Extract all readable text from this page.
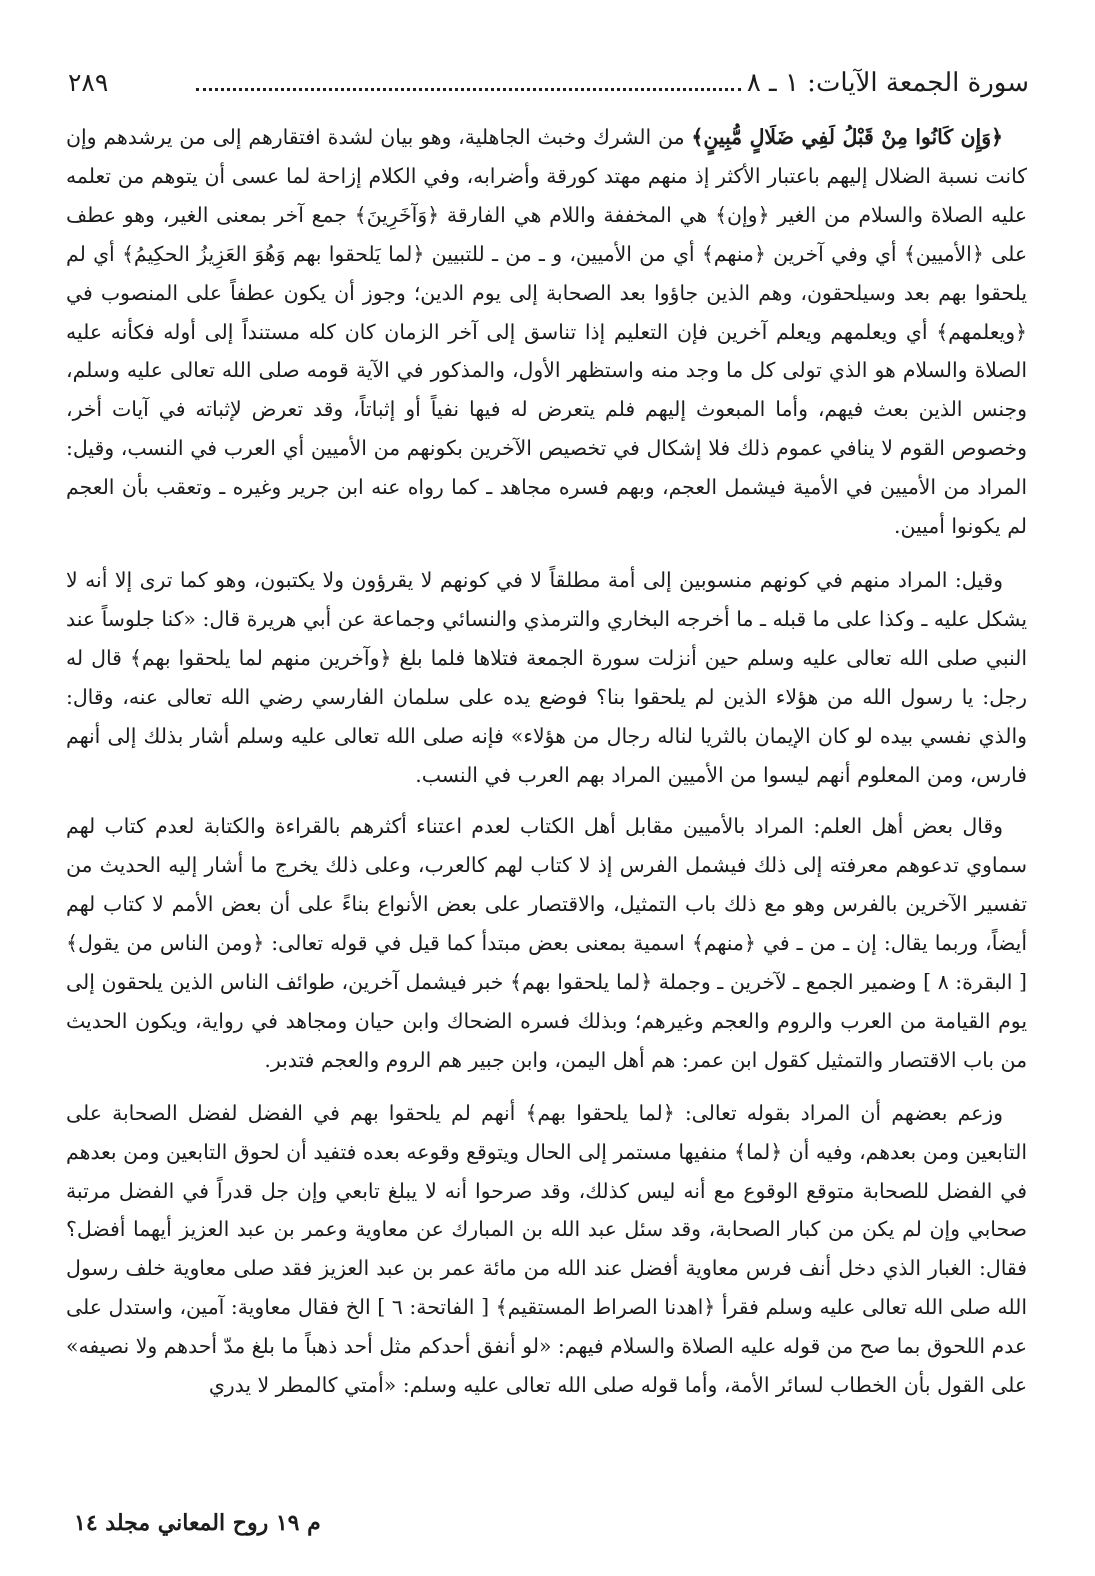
سورة الجمعة الآيات: ١ ـ ٨
٢٨٩

﴿وَإِن كَانُوا مِنْ قَبْلُ لَفِي ضَلَالٍ مُّبِينٍ﴾ من الشرك وخبث الجاهلية، وهو بيان لشدة افتقارهم إلى من يرشدهم وإن كانت نسبة الضلال إليهم باعتبار الأكثر إذ منهم مهتد كورقة وأضرابه، وفي الكلام إزاحة لما عسى أن يتوهم من تعلمه عليه الصلاة والسلام من الغير ﴿وإن﴾ هي المخففة واللام هي الفارقة ﴿وَآخَرِينَ﴾ جمع آخر بمعنى الغير، وهو عطف على ﴿الأميين﴾ أي وفي آخرين ﴿منهم﴾ أي من الأميين، و ـ من ـ للتبيين ﴿لما يَلحقوا بهم وَهُوَ العَزِيزُ الحكِيمُ﴾ أي لم يلحقوا بهم بعد وسيلحقون، وهم الذين جاؤوا بعد الصحابة إلى يوم الدين؛ وجوز أن يكون عطفاً على المنصوب في ﴿ويعلمهم﴾ أي ويعلمهم ويعلم آخرين فإن التعليم إذا تناسق إلى آخر الزمان كان كله مستنداً إلى أوله فكأنه عليه الصلاة والسلام هو الذي تولى كل ما وجد منه واستظهر الأول، والمذكور في الآية قومه صلى الله تعالى عليه وسلم، وجنس الذين بعث فيهم، وأما المبعوث إليهم فلم يتعرض له فيها نفياً أو إثباتاً، وقد تعرض لإثباته في آيات أخر، وخصوص القوم لا ينافي عموم ذلك فلا إشكال في تخصيص الآخرين بكونهم من الأميين أي العرب في النسب، وقيل: المراد من الأميين في الأمية فيشمل العجم، وبهم فسره مجاهد ـ كما رواه عنه ابن جرير وغيره ـ وتعقب بأن العجم لم يكونوا أميين.

وقيل: المراد منهم في كونهم منسوبين إلى أمة مطلقاً لا في كونهم لا يقرؤون ولا يكتبون، وهو كما ترى إلا أنه لا يشكل عليه ـ وكذا على ما قبله ـ ما أخرجه البخاري والترمذي والنسائي وجماعة عن أبي هريرة قال: «كنا جلوساً عند النبي صلى الله تعالى عليه وسلم حين أنزلت سورة الجمعة فتلاها فلما بلغ ﴿وآخرين منهم لما يلحقوا بهم﴾ قال له رجل: يا رسول الله من هؤلاء الذين لم يلحقوا بنا؟ فوضع يده على سلمان الفارسي رضي الله تعالى عنه، وقال: والذي نفسي بيده لو كان الإيمان بالثريا لناله رجال من هؤلاء» فإنه صلى الله تعالى عليه وسلم أشار بذلك إلى أنهم فارس، ومن المعلوم أنهم ليسوا من الأميين المراد بهم العرب في النسب.

وقال بعض أهل العلم: المراد بالأميين مقابل أهل الكتاب لعدم اعتناء أكثرهم بالقراءة والكتابة لعدم كتاب لهم سماوي تدعوهم معرفته إلى ذلك فيشمل الفرس إذ لا كتاب لهم كالعرب، وعلى ذلك يخرج ما أشار إليه الحديث من تفسير الآخرين بالفرس وهو مع ذلك باب التمثيل، والاقتصار على بعض الأنواع بناءً على أن بعض الأمم لا كتاب لهم أيضاً، وربما يقال: إن ـ من ـ في ﴿منهم﴾ اسمية بمعنى بعض مبتدأ كما قيل في قوله تعالى: ﴿ومن الناس من يقول﴾ [ البقرة: ٨ ] وضمير الجمع ـ لآخرين ـ وجملة ﴿لما يلحقوا بهم﴾ خبر فيشمل آخرين، طوائف الناس الذين يلحقون إلى يوم القيامة من العرب والروم والعجم وغيرهم؛ وبذلك فسره الضحاك وابن حيان ومجاهد في رواية، ويكون الحديث من باب الاقتصار والتمثيل كقول ابن عمر: هم أهل اليمن، وابن جبير هم الروم والعجم فتدبر.

وزعم بعضهم أن المراد بقوله تعالى: ﴿لما يلحقوا بهم﴾ أنهم لم يلحقوا بهم في الفضل لفضل الصحابة على التابعين ومن بعدهم، وفيه أن ﴿لما﴾ منفيها مستمر إلى الحال ويتوقع وقوعه بعده فتفيد أن لحوق التابعين ومن بعدهم في الفضل للصحابة متوقع الوقوع مع أنه ليس كذلك، وقد صرحوا أنه لا يبلغ تابعي وإن جل قدراً في الفضل مرتبة صحابي وإن لم يكن من كبار الصحابة، وقد سئل عبد الله بن المبارك عن معاوية وعمر بن عبد العزيز أيهما أفضل؟ فقال: الغبار الذي دخل أنف فرس معاوية أفضل عند الله من مائة عمر بن عبد العزيز فقد صلى معاوية خلف رسول الله صلى الله تعالى عليه وسلم فقرأ ﴿اهدنا الصراط المستقيم﴾ [ الفاتحة: ٦ ] الخ فقال معاوية: آمين، واستدل على عدم اللحوق بما صح من قوله عليه الصلاة والسلام فيهم: «لو أنفق أحدكم مثل أحد ذهباً ما بلغ مدّ أحدهم ولا نصيفه» على القول بأن الخطاب لسائر الأمة، وأما قوله صلى الله تعالى عليه وسلم: «أمتي كالمطر لا يدري

م ١٩ روح المعاني مجلد ١٤
